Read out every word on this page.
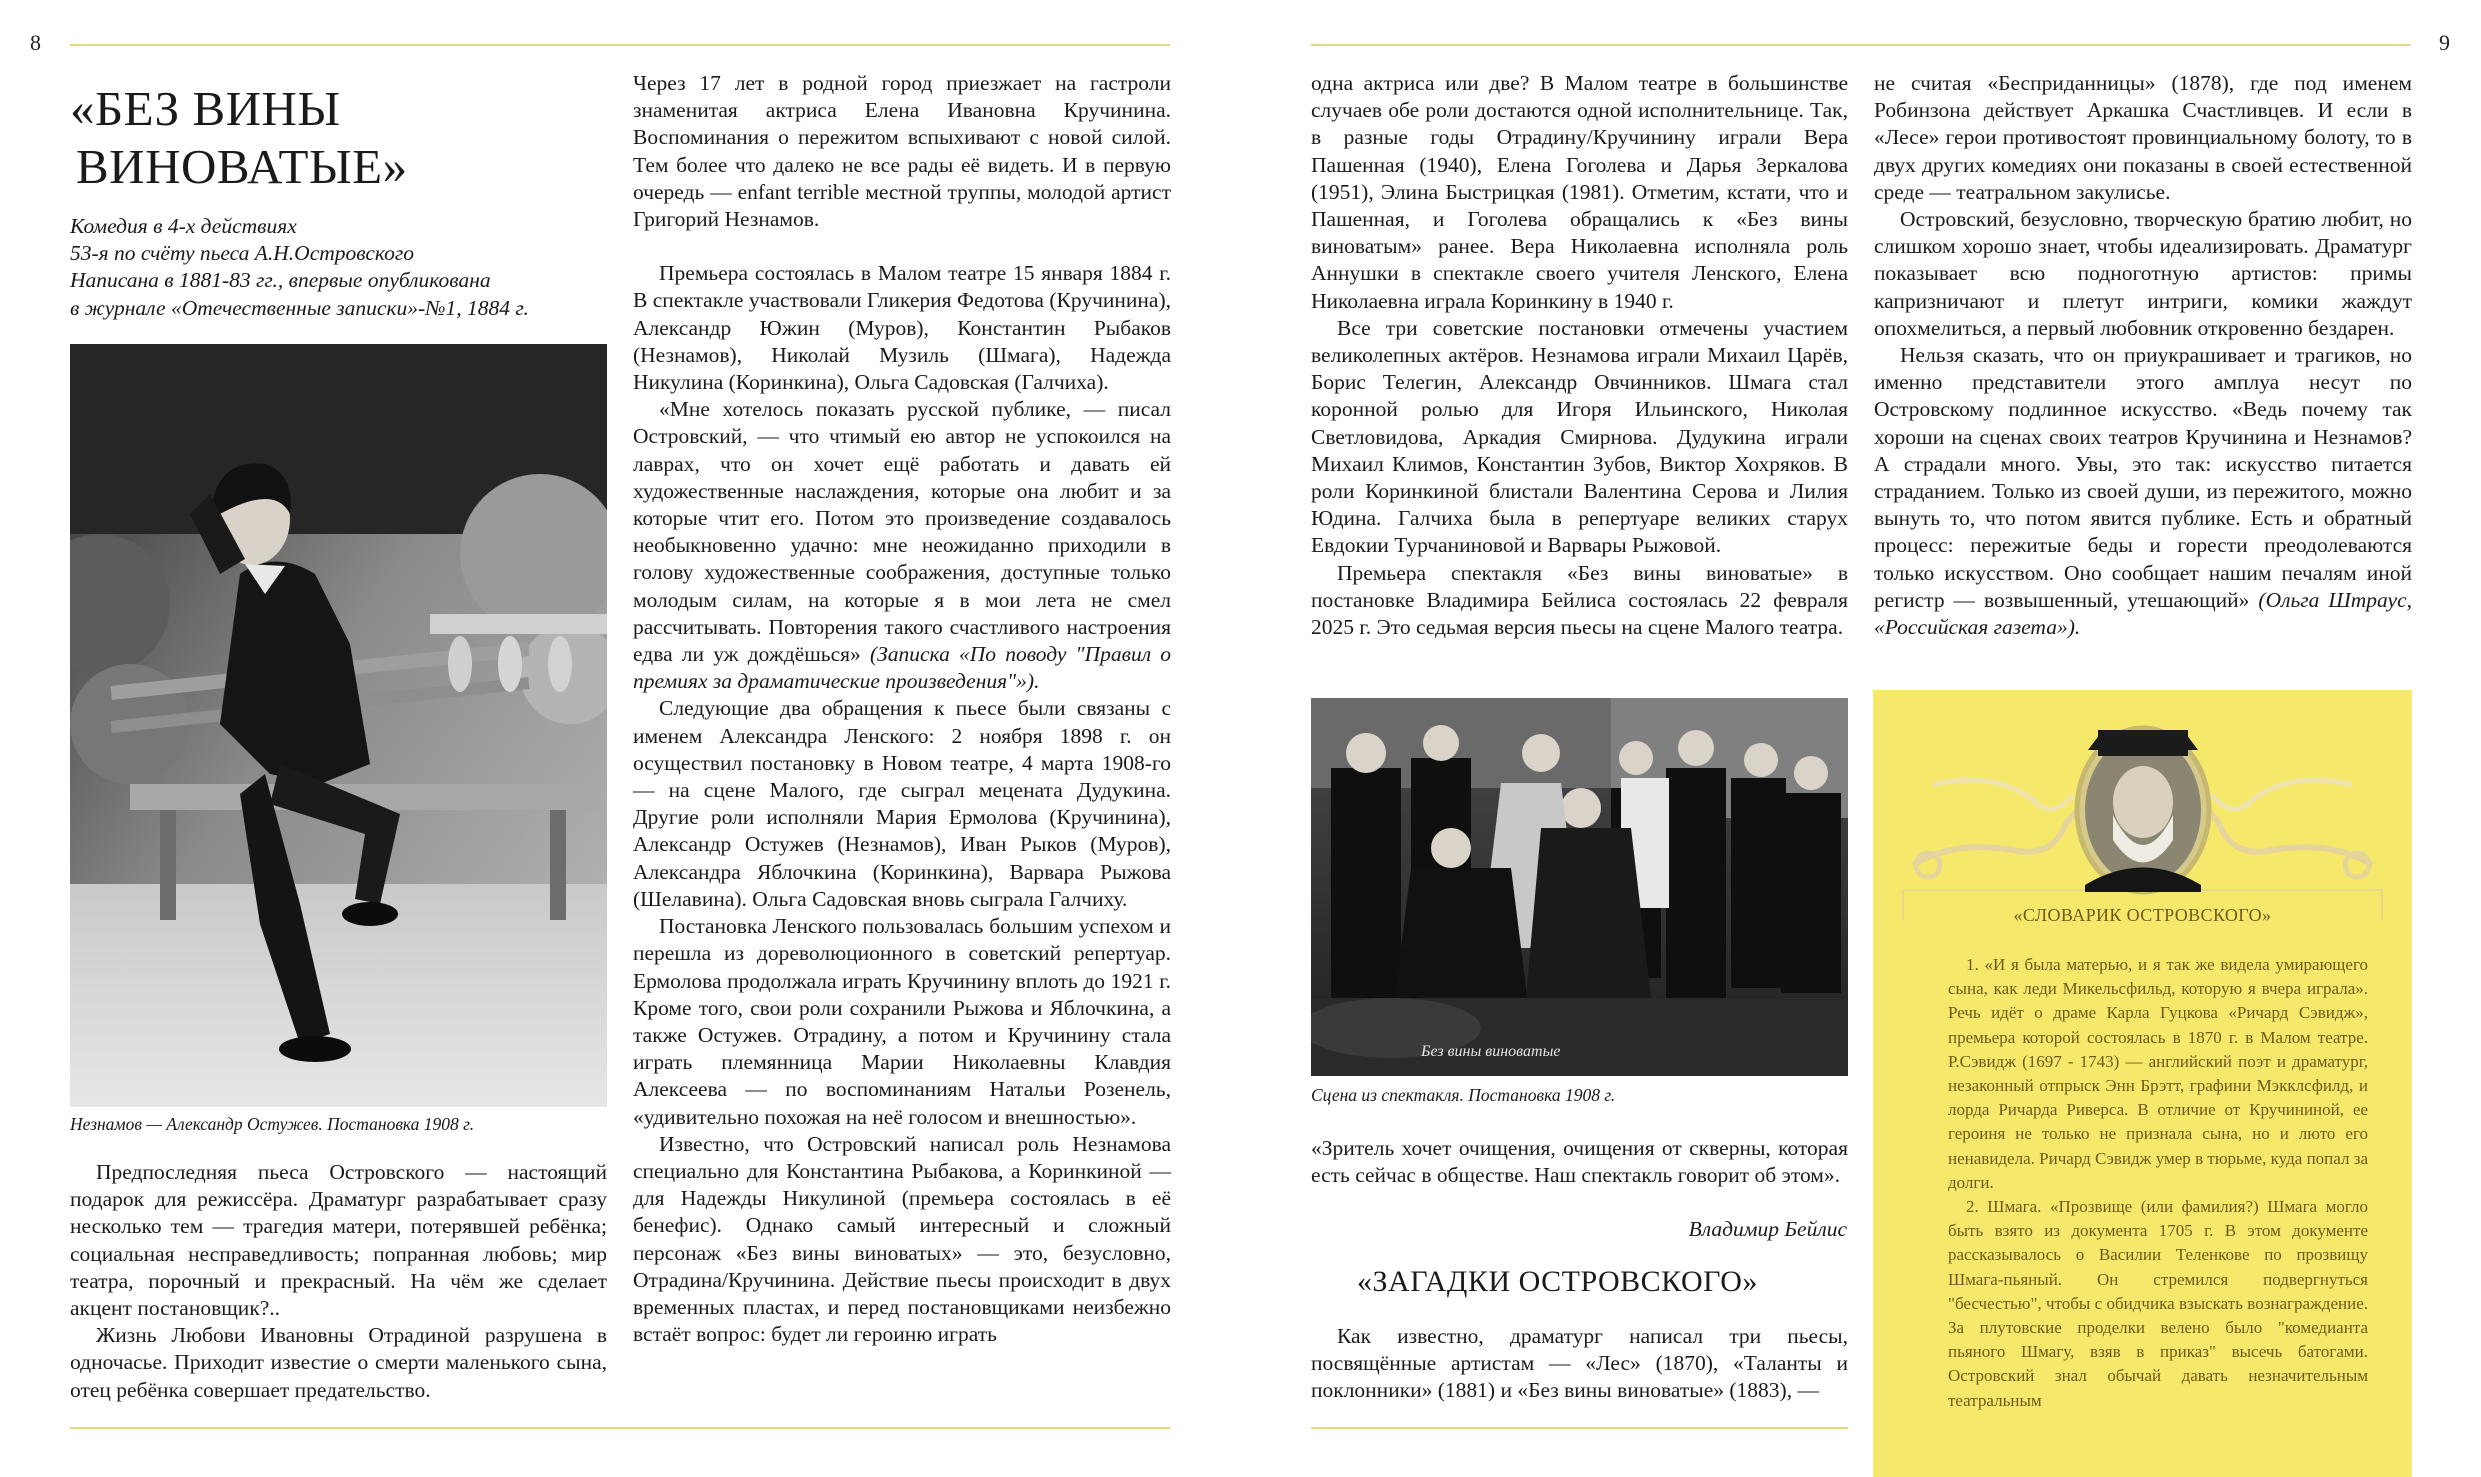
8
«БЕЗ ВИНЫ
ВИНОВАТЫЕ»
Комедия в 4-х действиях
53-я по счёту пьеса А.Н.Островского
Написана в 1881-83 гг., впервые опубликована
в журнале «Отечественные записки»-№1, 1884 г.
Незнамов — Александр Остужев. Постановка 1908 г.

Предпоследняя пьеса Островского — настоящий подарок для режиссёра. Драматург разрабатывает сразу несколько тем — трагедия матери, потерявшей ребёнка; социальная несправедливость; попранная любовь; мир театра, порочный и прекрасный. На чём же сделает акцент постановщик?..

Жизнь Любови Ивановны Отрадиной разрушена в одночасье. Приходит известие о смерти маленького сына, отец ребёнка совершает предательство.

Через 17 лет в родной город приезжает на гастроли знаменитая актриса Елена Ивановна Кручинина. Воспоминания о пережитом вспыхивают с новой силой. Тем более что далеко не все рады её видеть. И в первую очередь — enfant terrible местной труппы, молодой артист Григорий Незнамов.

Премьера состоялась в Малом театре 15 января 1884 г. В спектакле участвовали Гликерия Федотова (Кручинина), Александр Южин (Муров), Константин Рыбаков (Незнамов), Николай Музиль (Шмага), Надежда Никулина (Коринкина), Ольга Садовская (Галчиха).

«Мне хотелось показать русской публике, — писал Островский, — что чтимый ею автор не успокоился на лаврах, что он хочет ещё работать и давать ей художественные наслаждения, которые она любит и за которые чтит его. Потом это произведение создавалось необыкновенно удачно: мне неожиданно приходили в голову художественные соображения, доступные только молодым силам, на которые я в мои лета не смел рассчитывать. Повторения такого счастливого настроения едва ли уж дождёшься» (Записка «По поводу "Правил о премиях за драматические произведения"»).

Следующие два обращения к пьесе были связаны с именем Александра Ленского: 2 ноября 1898 г. он осуществил постановку в Новом театре, 4 марта 1908-го — на сцене Малого, где сыграл мецената Дудукина. Другие роли исполняли Мария Ермолова (Кручинина), Александр Остужев (Незнамов), Иван Рыков (Муров), Александра Яблочкина (Коринкина), Варвара Рыжова (Шелавина). Ольга Садовская вновь сыграла Галчиху.

Постановка Ленского пользовалась большим успехом и перешла из дореволюционного в советский репертуар. Ермолова продолжала играть Кручинину вплоть до 1921 г. Кроме того, свои роли сохранили Рыжова и Яблочкина, а также Остужев. Отрадину, а потом и Кручинину стала играть племянница Марии Николаевны Клавдия Алексеева — по воспоминаниям Натальи Розенель, «удивительно похожая на неё голосом и внешностью».

Известно, что Островский написал роль Незнамова специально для Константина Рыбакова, а Коринкиной — для Надежды Никулиной (премьера состоялась в её бенефис). Однако самый интересный и сложный персонаж «Без вины виноватых» — это, безусловно, Отрадина/Кручинина. Действие пьесы происходит в двух временных пластах, и перед постановщиками неизбежно встаёт вопрос: будет ли героиню играть

9

одна актриса или две? В Малом театре в большинстве случаев обе роли достаются одной исполнительнице. Так, в разные годы Отрадину/Кручинину играли Вера Пашенная (1940), Елена Гоголева и Дарья Зеркалова (1951), Элина Быстрицкая (1981). Отметим, кстати, что и Пашенная, и Гоголева обращались к «Без вины виноватым» ранее. Вера Николаевна исполняла роль Аннушки в спектакле своего учителя Ленского, Елена Николаевна играла Коринкину в 1940 г.

Все три советские постановки отмечены участием великолепных актёров. Незнамова играли Михаил Царёв, Борис Телегин, Александр Овчинников. Шмага стал коронной ролью для Игоря Ильинского, Николая Светловидова, Аркадия Смирнова. Дудукина играли Михаил Климов, Константин Зубов, Виктор Хохряков. В роли Коринкиной блистали Валентина Серова и Лилия Юдина. Галчиха была в репертуаре великих старух Евдокии Турчаниновой и Варвары Рыжовой.

Премьера спектакля «Без вины виноватые» в постановке Владимира Бейлиса состоялась 22 февраля 2025 г. Это седьмая версия пьесы на сцене Малого театра.

Без вины виноватые
Сцена из спектакля. Постановка 1908 г.

«Зритель хочет очищения, очищения от скверны, которая есть сейчас в обществе. Наш спектакль говорит об этом».

Владимир Бейлис
«ЗАГАДКИ ОСТРОВСКОГО»

Как известно, драматург написал три пьесы, посвящённые артистам — «Лес» (1870), «Таланты и поклонники» (1881) и «Без вины виноватые» (1883), —

не считая «Бесприданницы» (1878), где под именем Робинзона действует Аркашка Счастливцев. И если в «Лесе» герои противостоят провинциальному болоту, то в двух других комедиях они показаны в своей естественной среде — театральном закулисье.

Островский, безусловно, творческую братию любит, но слишком хорошо знает, чтобы идеализировать. Драматург показывает всю подноготную артистов: примы капризничают и плетут интриги, комики жаждут опохмелиться, а первый любовник откровенно бездарен.

Нельзя сказать, что он приукрашивает и трагиков, но именно представители этого амплуа несут по Островскому подлинное искусство. «Ведь почему так хороши на сценах своих театров Кручинина и Незнамов? А страдали много. Увы, это так: искусство питается страданием. Только из своей души, из пережитого, можно вынуть то, что потом явится публике. Есть и обратный процесс: пережитые беды и горести преодолеваются только искусством. Оно сообщает нашим печалям иной регистр — возвышенный, утешающий» (Ольга Штраус, «Российская газета»).

«СЛОВАРИК ОСТРОВСКОГО»

1. «И я была матерью, и я так же видела умирающего сына, как леди Микельсфильд, которую я вчера играла». Речь идёт о драме Карла Гуцкова «Ричард Сэвидж», премьера которой состоялась в 1870 г. в Малом театре. Р.Сэвидж (1697 - 1743) — английский поэт и драматург, незаконный отпрыск Энн Брэтт, графини Мэкклсфилд, и лорда Ричарда Риверса. В отличие от Кручининой, ее героиня не только не признала сына, но и люто его ненавидела. Ричард Сэвидж умер в тюрьме, куда попал за долги.

2. Шмага. «Прозвище (или фамилия?) Шмага могло быть взято из документа 1705 г. В этом документе рассказывалось о Василии Теленкове по прозвищу Шмага-пьяный. Он стремился подвергнуться "бесчестью", чтобы с обидчика взыскать вознаграждение. За плутовские проделки велено было "комедианта пьяного Шмагу, взяв в приказ" высечь батогами. Островский знал обычай давать незначительным театральным
